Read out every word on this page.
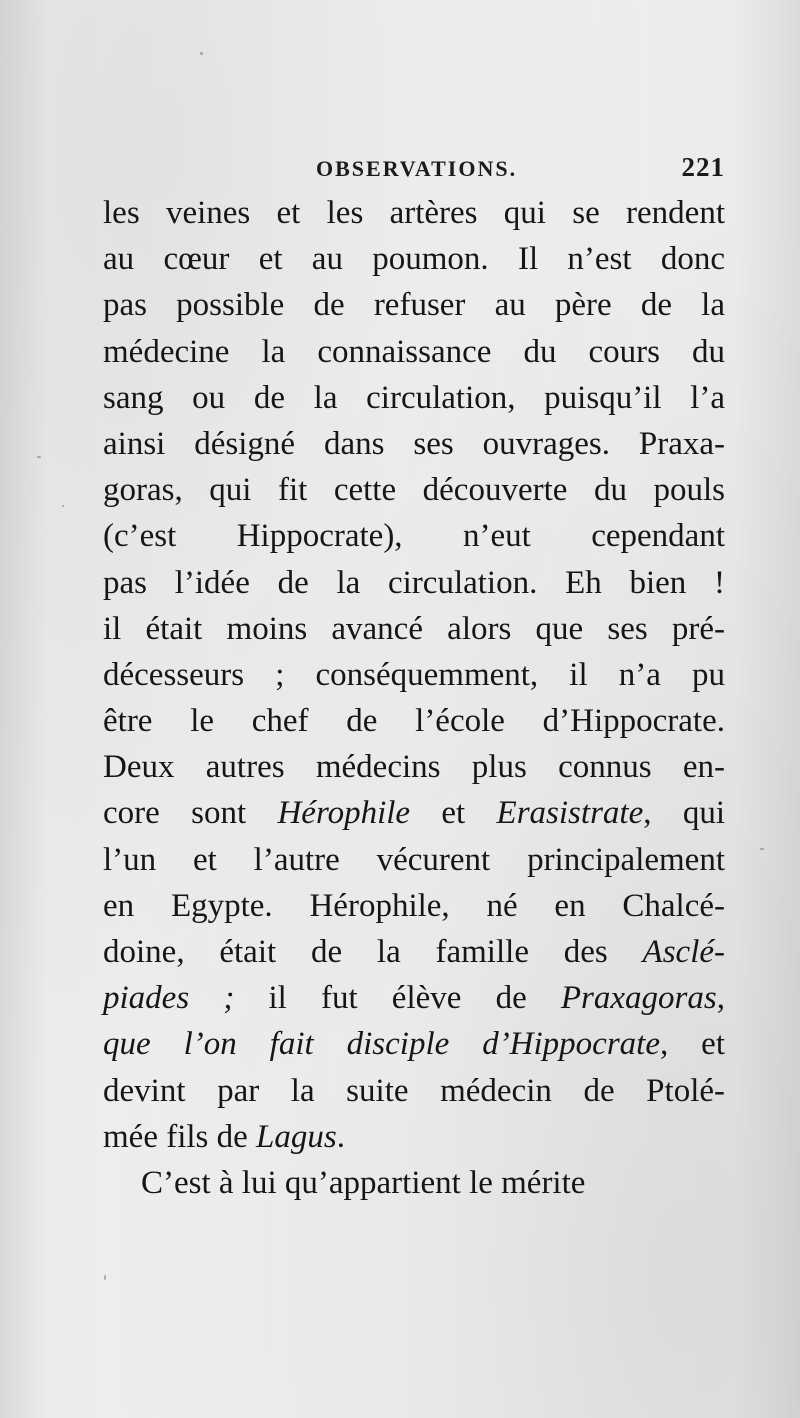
OBSERVATIONS.	221
les veines et les artères qui se rendent
au cœur et au poumon. Il n’est donc
pas possible de refuser au père de la
médecine la connaissance du cours du
sang ou de la circulation, puisqu’il l’a
ainsi désigné dans ses ouvrages. Praxa-
goras, qui fit cette découverte du pouls
(c’est Hippocrate), n’eut cependant
pas l’idée de la circulation. Eh bien !
il était moins avancé alors que ses pré-
décesseurs ; conséquemment, il n’a pu
être le chef de l’école d’Hippocrate.
Deux autres médecins plus connus en-
core sont Hérophile et Erasistrate, qui
l’un et l’autre vécurent principalement
en Egypte. Hérophile, né en Chalcé-
doine, était de la famille des Asclé-
piades ; il fut élève de Praxagoras,
que l’on fait disciple d’Hippocrate, et
devint par la suite médecin de Ptolé-
mée fils de Lagus.
C’est à lui qu’appartient le mérite
